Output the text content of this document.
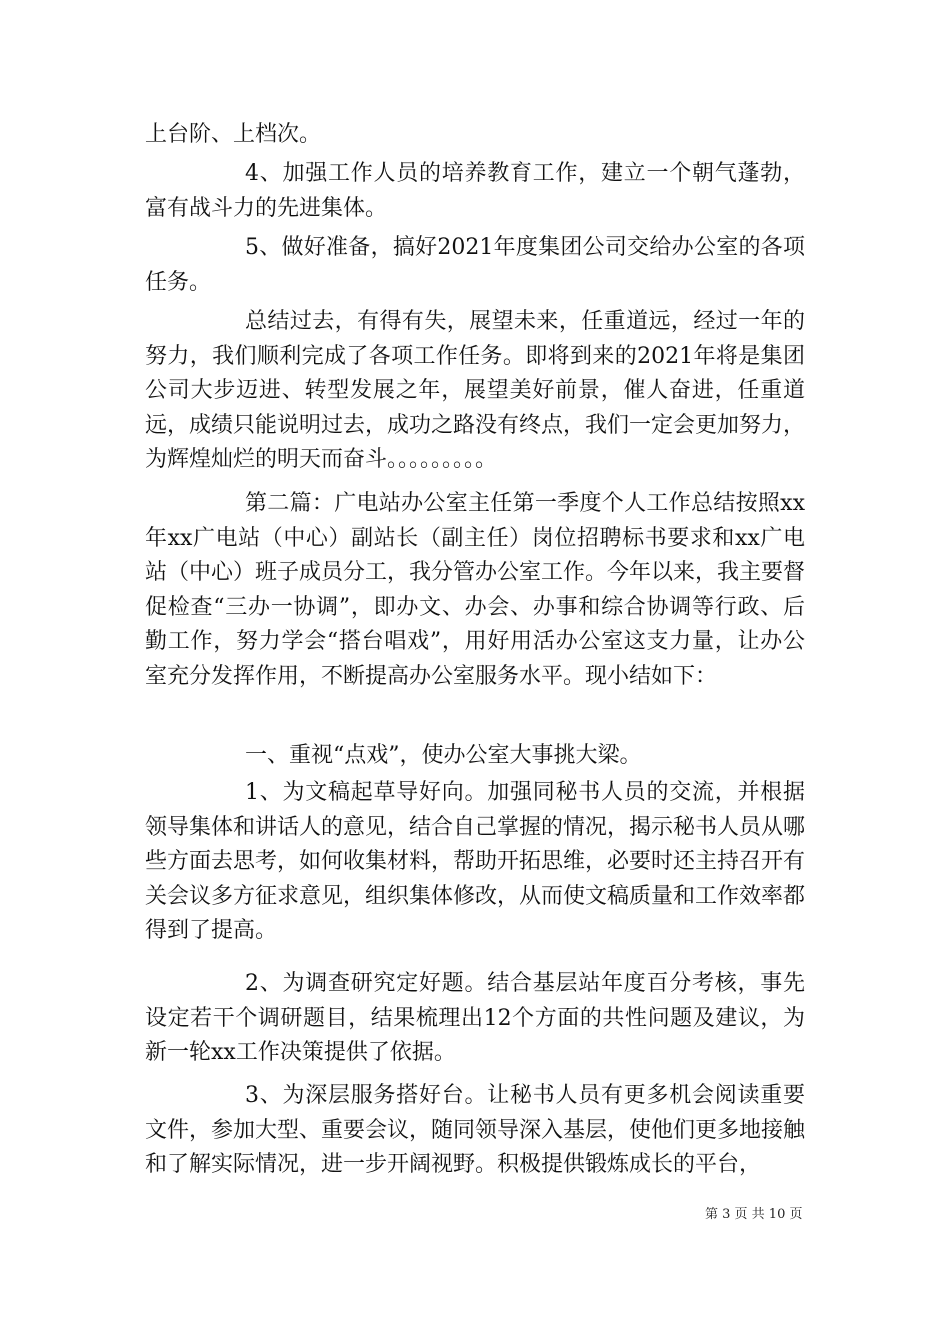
上台阶、上档次。

4、加强工作人员的培养教育工作，建立一个朝气蓬勃，富有战斗力的先进集体。

5、做好准备，搞好2021年度集团公司交给办公室的各项任务。

总结过去，有得有失，展望未来，任重道远，经过一年的努力，我们顺利完成了各项工作任务。即将到来的2021年将是集团公司大步迈进、转型发展之年，展望美好前景，催人奋进，任重道远，成绩只能说明过去，成功之路没有终点，我们一定会更加努力，为辉煌灿烂的明天而奋斗。。。。。。。。。

第二篇：广电站办公室主任第一季度个人工作总结按照xx年xx广电站（中心）副站长（副主任）岗位招聘标书要求和xx广电站（中心）班子成员分工，我分管办公室工作。今年以来，我主要督促检查“三办一协调”，即办文、办会、办事和综合协调等行政、后勤工作，努力学会“搭台唱戏”，用好用活办公室这支力量，让办公室充分发挥作用，不断提高办公室服务水平。现小结如下：

一、重视“点戏”，使办公室大事挑大梁。

1、为文稿起草导好向。加强同秘书人员的交流，并根据领导集体和讲话人的意见，结合自己掌握的情况，揭示秘书人员从哪些方面去思考，如何收集材料，帮助开拓思维，必要时还主持召开有关会议多方征求意见，组织集体修改，从而使文稿质量和工作效率都得到了提高。

2、为调查研究定好题。结合基层站年度百分考核，事先设定若干个调研题目，结果梳理出12个方面的共性问题及建议，为新一轮xx工作决策提供了依据。

3、为深层服务搭好台。让秘书人员有更多机会阅读重要文件，参加大型、重要会议，随同领导深入基层，使他们更多地接触和了解实际情况，进一步开阔视野。积极提供锻炼成长的平台，

第 3 页 共 10 页
